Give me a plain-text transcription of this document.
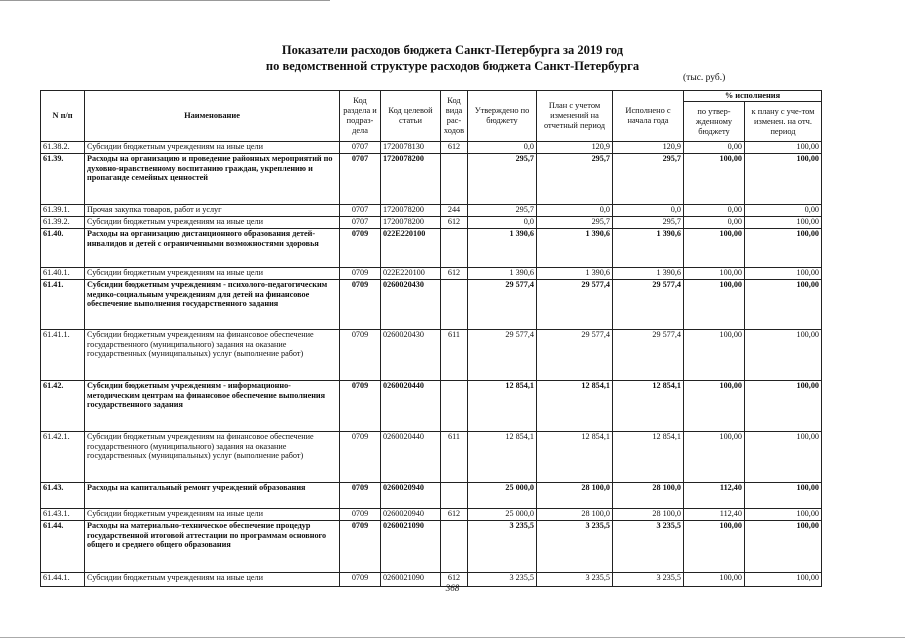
Показатели расходов бюджета Санкт-Петербурга за 2019 год
по ведомственной структуре расходов бюджета Санкт-Петербурга
(тыс. руб.)
N п/п	Наименование	Код раздела и подраз-дела	Код целевой статьи	Код вида рас-ходов	Утверждено по бюджету	План с учетом изменений на отчетный период	Исполнено с начала года	% исполнения	
								по утвер-жденному бюджету	к плану с уче-том изменен. на отч. период
61.38.2.	Субсидии бюджетным учреждениям на иные цели	0707	1720078130	612	0,0	120,9	120,9	0,00	100,00
61.39.	Расходы на организацию и проведение районных мероприятий по духовно-нравственному воспитанию граждан, укреплению и пропаганде семейных ценностей	0707	1720078200		295,7	295,7	295,7	100,00	100,00
61.39.1.	Прочая закупка товаров, работ и услуг	0707	1720078200	244	295,7	0,0	0,0	0,00	0,00
61.39.2.	Субсидии бюджетным учреждениям на иные цели	0707	1720078200	612	0,0	295,7	295,7	0,00	100,00
61.40.	Расходы на организацию дистанционного образования детей-инвалидов и детей с ограниченными возможностями здоровья	0709	022E220100		1 390,6	1 390,6	1 390,6	100,00	100,00
61.40.1.	Субсидии бюджетным учреждениям на иные цели	0709	022E220100	612	1 390,6	1 390,6	1 390,6	100,00	100,00
61.41.	Субсидии бюджетным учреждениям - психолого-педагогическим медико-социальным учреждениям для детей на финансовое обеспечение выполнения государственного задания	0709	0260020430		29 577,4	29 577,4	29 577,4	100,00	100,00
61.41.1.	Субсидии бюджетным учреждениям на финансовое обеспечение государственного (муниципального) задания на оказание государственных (муниципальных) услуг (выполнение работ)	0709	0260020430	611	29 577,4	29 577,4	29 577,4	100,00	100,00
61.42.	Субсидии бюджетным учреждениям - информационно-методическим центрам на финансовое обеспечение выполнения государственного задания	0709	0260020440		12 854,1	12 854,1	12 854,1	100,00	100,00
61.42.1.	Субсидии бюджетным учреждениям на финансовое обеспечение государственного (муниципального) задания на оказание государственных (муниципальных) услуг (выполнение работ)	0709	0260020440	611	12 854,1	12 854,1	12 854,1	100,00	100,00
61.43.	Расходы на капитальный ремонт учреждений образования	0709	0260020940		25 000,0	28 100,0	28 100,0	112,40	100,00
61.43.1.	Субсидии бюджетным учреждениям на иные цели	0709	0260020940	612	25 000,0	28 100,0	28 100,0	112,40	100,00
61.44.	Расходы на материально-техническое обеспечение процедур государственной итоговой аттестации по программам основного общего и среднего общего образования	0709	0260021090		3 235,5	3 235,5	3 235,5	100,00	100,00
61.44.1.	Субсидии бюджетным учреждениям на иные цели	0709	0260021090	612	3 235,5	3 235,5	3 235,5	100,00	100,00
368
